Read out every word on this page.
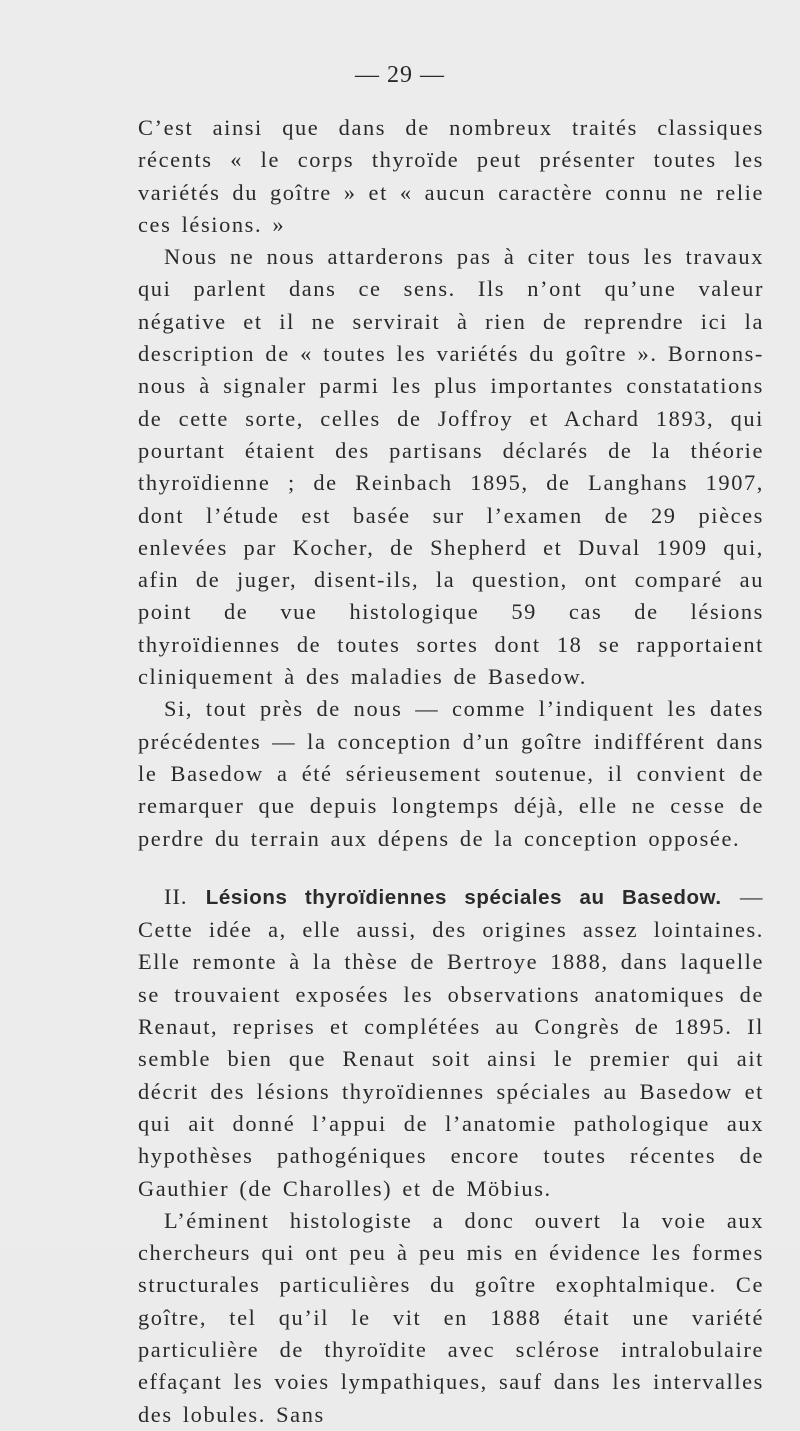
— 29 —

C’est ainsi que dans de nombreux traités classiques récents « le corps thyroïde peut présenter toutes les variétés du goître » et « aucun caractère connu ne relie ces lésions. »

Nous ne nous attarderons pas à citer tous les travaux qui parlent dans ce sens. Ils n’ont qu’une valeur négative et il ne servirait à rien de reprendre ici la description de « toutes les variétés du goître ». Bornons-nous à signaler parmi les plus importantes constatations de cette sorte, celles de Joffroy et Achard 1893, qui pourtant étaient des partisans déclarés de la théorie thyroïdienne ; de Reinbach 1895, de Langhans 1907, dont l’étude est basée sur l’examen de 29 pièces enlevées par Kocher, de Shepherd et Duval 1909 qui, afin de juger, disent-ils, la question, ont comparé au point de vue histologique 59 cas de lésions thyroïdiennes de toutes sortes dont 18 se rapportaient cliniquement à des maladies de Basedow.

Si, tout près de nous — comme l’indiquent les dates précédentes — la conception d’un goître indifférent dans le Basedow a été sérieusement soutenue, il convient de remarquer que depuis longtemps déjà, elle ne cesse de perdre du terrain aux dépens de la conception opposée.

II. Lésions thyroïdiennes spéciales au Basedow. — Cette idée a, elle aussi, des origines assez lointaines. Elle remonte à la thèse de Bertroye 1888, dans laquelle se trouvaient exposées les observations anatomiques de Renaut, reprises et complétées au Congrès de 1895. Il semble bien que Renaut soit ainsi le premier qui ait décrit des lésions thyroïdiennes spéciales au Basedow et qui ait donné l’appui de l’anatomie pathologique aux hypothèses pathogéniques encore toutes récentes de Gauthier (de Charolles) et de Möbius.

L’éminent histologiste a donc ouvert la voie aux chercheurs qui ont peu à peu mis en évidence les formes structurales particulières du goître exophtalmique. Ce goître, tel qu’il le vit en 1888 était une variété particulière de thyroïdite avec sclérose intralobulaire effaçant les voies lympathiques, sauf dans les intervalles des lobules. Sans
